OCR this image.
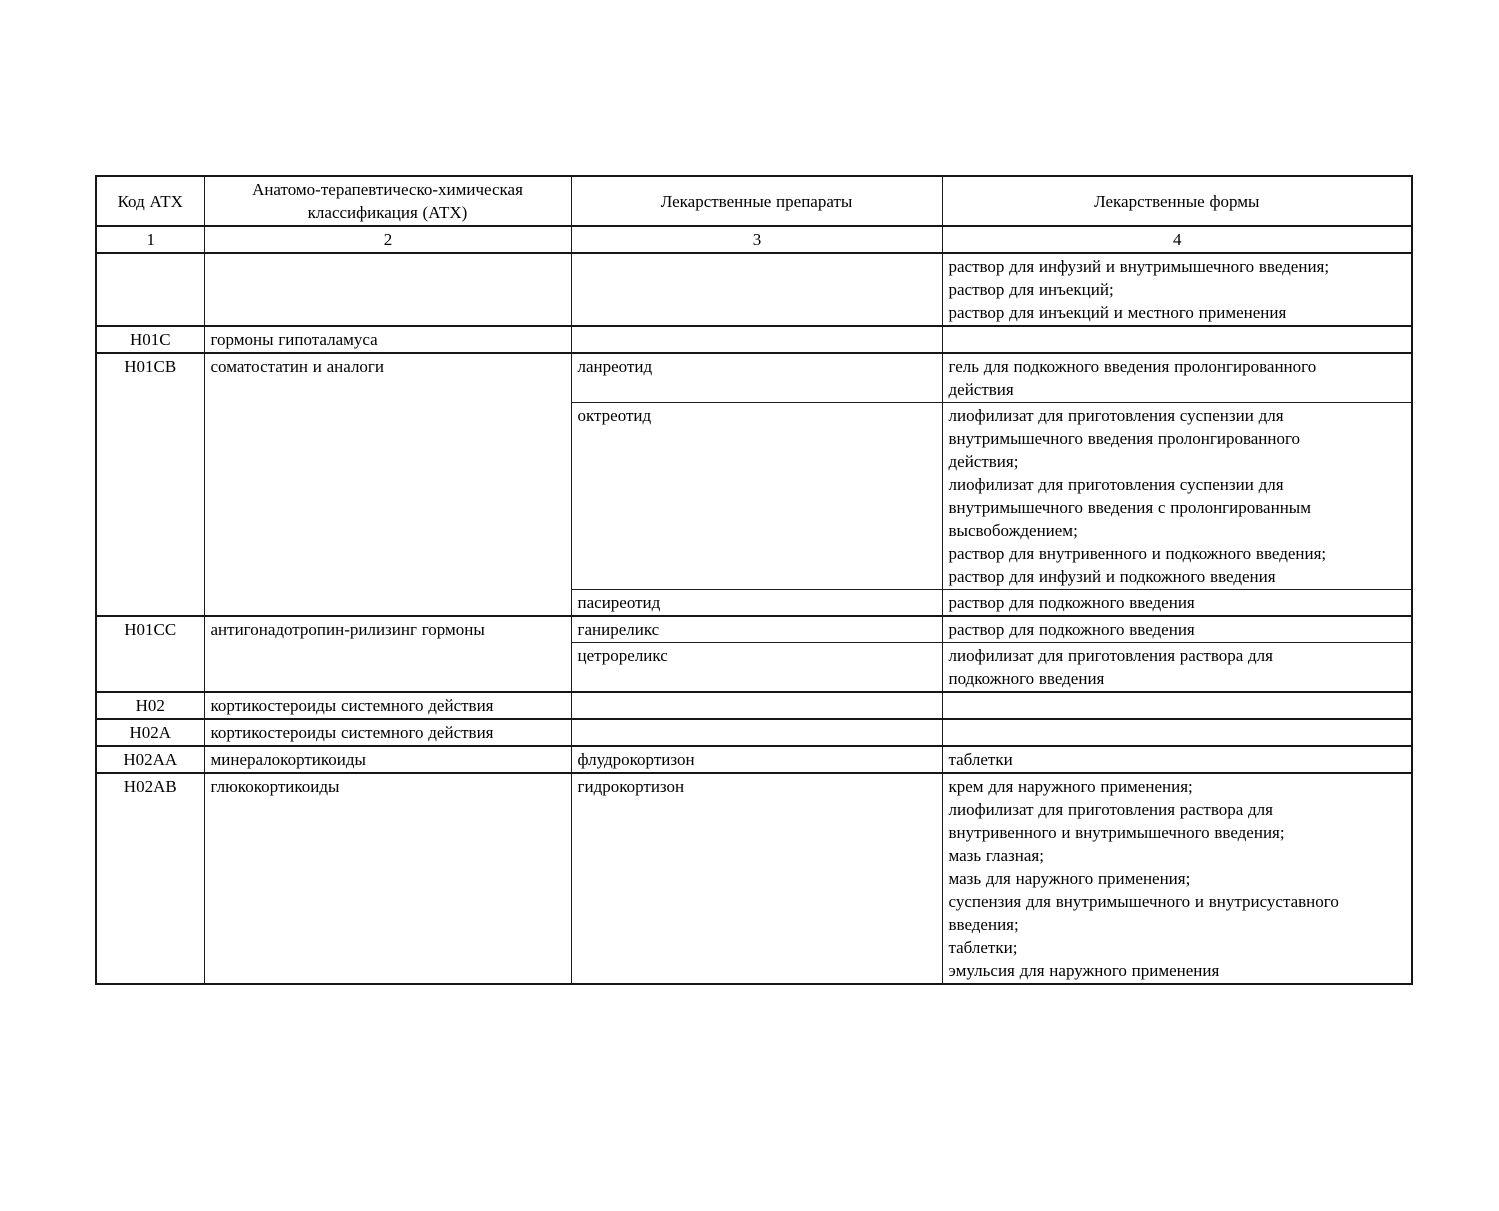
Код АТХ	Анатомо-терапевтическо-химическая классификация (АТХ)	Лекарственные препараты	Лекарственные формы
1	2	3	4

			раствор для инфузий и внутримышечного введения;
раствор для инъекций;
раствор для инъекций и местного применения

H01C	гормоны гипоталамуса		
H01CB	соматостатин и аналоги	ланреотид	гель для подкожного введения пролонгированного действия

		октреотид	лиофилизат для приготовления суспензии для внутримышечного введения пролонгированного действия;
лиофилизат для приготовления суспензии для внутримышечного введения с пролонгированным высвобождением;
раствор для внутривенного и подкожного введения;
раствор для инфузий и подкожного введения

		пасиреотид	раствор для подкожного введения

H01CC	антигонадотропин-рилизинг гормоны	ганиреликс	раствор для подкожного введения

		цетрореликс	лиофилизат для приготовления раствора для подкожного введения

H02	кортикостероиды системного действия		
H02A	кортикостероиды системного действия		
H02AA	минералокортикоиды	флудрокортизон	таблетки

H02AB	глюкокортикоиды	гидрокортизон	крем для наружного применения;
лиофилизат для приготовления раствора для внутривенного и внутримышечного введения;
мазь глазная;
мазь для наружного применения;
суспензия для внутримышечного и внутрисуставного введения;
таблетки;
эмульсия для наружного применения
